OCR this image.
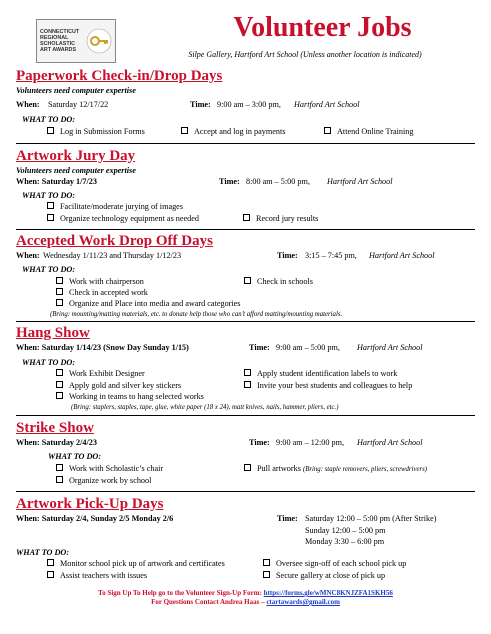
CONNECTICUT
REGIONAL
SCHOLASTIC
ART AWARDS
Volunteer Jobs
Silpe Gallery, Hartford Art School (Unless another location is indicated)
Paperwork Check-in/Drop Days
Volunteers need computer expertise
When: Saturday 12/17/22	Time: 9:00 am – 3:00 pm, Hartford Art School
WHAT TO DO:
Log in Submission Forms	Accept and log in payments	Attend Online Training
Artwork Jury Day
Volunteers need computer expertise
When: Saturday 1/7/23	Time: 8:00 am – 5:00 pm, Hartford Art School
WHAT TO DO:
Facilitate/moderate jurying of images
Organize technology equipment as needed	Record jury results
Accepted Work Drop Off Days
When: Wednesday 1/11/23 and Thursday 1/12/23	Time: 3:15 – 7:45 pm, Hartford Art School
WHAT TO DO:
Work with chairperson	Check in schools
Check in accepted work
Organize and Place into media and award categories
(Bring: mounting/matting materials, etc. to donate help those who can’t afford matting/mounting materials.
Hang Show
When: Saturday 1/14/23 (Snow Day Sunday 1/15)	Time: 9:00 am – 5:00 pm, Hartford Art School
WHAT TO DO:
Work Exhibit Designer	Apply student identification labels to work
Apply gold and silver key stickers	Invite your best students and colleagues to help
Working in teams to hang selected works
(Bring: staplers, staples, tape, glue, white paper (18 x 24), matt knives, nails, hammer, pliers, etc.)
Strike Show
When: Saturday 2/4/23	Time: 9:00 am – 12:00 pm, Hartford Art School
WHAT TO DO:
Work with Scholastic’s chair	Pull artworks (Bring: staple removers, pliers, screwdrivers)
Organize work by school
Artwork Pick-Up Days
When: Saturday 2/4, Sunday 2/5 Monday 2/6	Time: Saturday 12:00 – 5:00 pm (After Strike)
Sunday 12:00 – 5:00 pm
Monday 3:30 – 6:00 pm
WHAT TO DO:
Monitor school pick up of artwork and certificates	Oversee sign-off of each school pick up
Assist teachers with issues	Secure gallery at close of pick up
To Sign Up To Help go to the Volunteer Sign-Up Form: https://forms.gle/wMNC8KNJZFA1SKH56
For Questions Contact Andrea Haas – ctartawards@gmail.com
